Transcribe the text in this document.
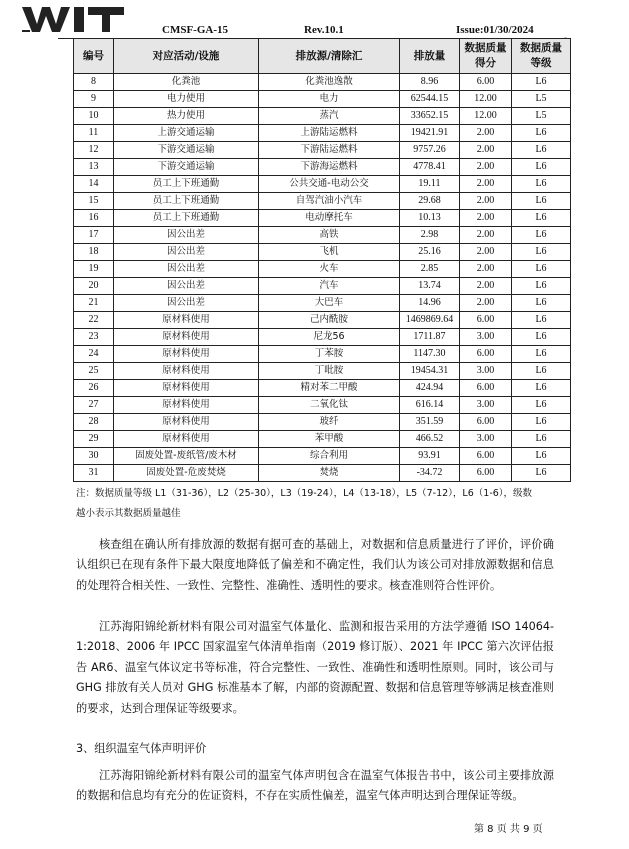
CMSF-GA-15	Rev.10.1	Issue:01/30/2024
编号	对应活动/设施	排放源/清除汇	排放量	数据质量得分	数据质量等级
8	化粪池	化粪池逸散	8.96	6.00	L6
9	电力使用	电力	62544.15	12.00	L5
10	热力使用	蒸汽	33652.15	12.00	L5
11	上游交通运输	上游陆运燃料	19421.91	2.00	L6
12	下游交通运输	下游陆运燃料	9757.26	2.00	L6
13	下游交通运输	下游海运燃料	4778.41	2.00	L6
14	员工上下班通勤	公共交通-电动公交	19.11	2.00	L6
15	员工上下班通勤	自驾汽油小汽车	29.68	2.00	L6
16	员工上下班通勤	电动摩托车	10.13	2.00	L6
17	因公出差	高铁	2.98	2.00	L6
18	因公出差	飞机	25.16	2.00	L6
19	因公出差	火车	2.85	2.00	L6
20	因公出差	汽车	13.74	2.00	L6
21	因公出差	大巴车	14.96	2.00	L6
22	原材料使用	己内酰胺	1469869.64	6.00	L6
23	原材料使用	尼龙56	1711.87	3.00	L6
24	原材料使用	丁苯胺	1147.30	6.00	L6
25	原材料使用	丁吡胺	19454.31	3.00	L6
26	原材料使用	精对苯二甲酸	424.94	6.00	L6
27	原材料使用	二氧化钛	616.14	3.00	L6
28	原材料使用	玻纤	351.59	6.00	L6
29	原材料使用	苯甲酸	466.52	3.00	L6
30	固废处置-废纸管/废木材	综合利用	93.91	6.00	L6
31	固废处置-危废焚烧	焚烧	-34.72	6.00	L6
注：数据质量等级 L1（31-36），L2（25-30），L3（19-24），L4（13-18），L5（7-12），L6（1-6），级数
越小表示其数据质量越佳
核查组在确认所有排放源的数据有据可查的基础上，对数据和信息质量进行了评价，评价确认组织已在现有条件下最大限度地降低了偏差和不确定性，我们认为该公司对排放源数据和信息的处理符合相关性、一致性、完整性、准确性、透明性的要求。核查准则符合性评价。
江苏海阳锦纶新材料有限公司对温室气体量化、监测和报告采用的方法学遵循 ISO 14064-1:2018、2006 年 IPCC 国家温室气体清单指南（2019 修订版）、2021 年 IPCC 第六次评估报告 AR6、温室气体议定书等标准，符合完整性、一致性、准确性和透明性原则。同时，该公司与 GHG 排放有关人员对 GHG 标准基本了解，内部的资源配置、数据和信息管理等够满足核查准则的要求，达到合理保证等级要求。
3、组织温室气体声明评价
江苏海阳锦纶新材料有限公司的温室气体声明包含在温室气体报告书中，该公司主要排放源的数据和信息均有充分的佐证资料，不存在实质性偏差，温室气体声明达到合理保证等级。
第 8 页 共 9 页
